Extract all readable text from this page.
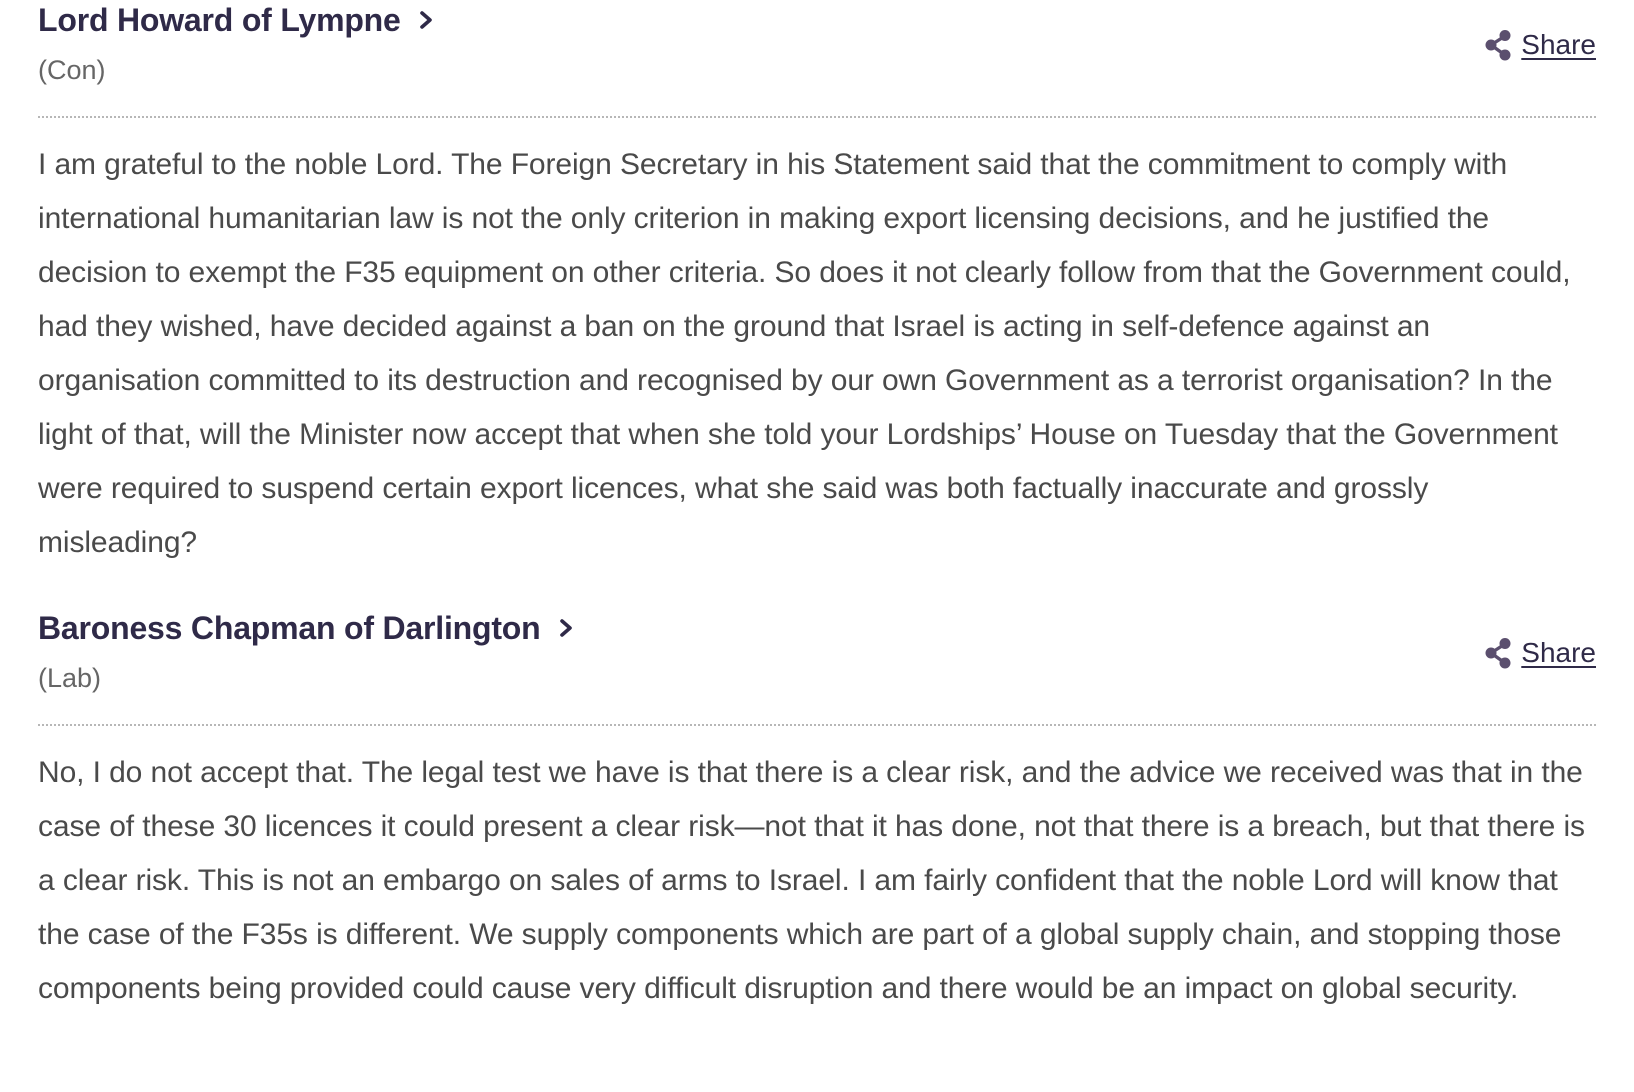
Lord Howard of Lympne
(Con)
Share

I am grateful to the noble Lord. The Foreign Secretary in his Statement said that the commitment to comply with international humanitarian law is not the only criterion in making export licensing decisions, and he justified the decision to exempt the F35 equipment on other criteria. So does it not clearly follow from that the Government could, had they wished, have decided against a ban on the ground that Israel is acting in self-defence against an organisation committed to its destruction and recognised by our own Government as a terrorist organisation? In the light of that, will the Minister now accept that when she told your Lordships’ House on Tuesday that the Government were required to suspend certain export licences, what she said was both factually inaccurate and grossly misleading?

Baroness Chapman of Darlington
(Lab)
Share

No, I do not accept that. The legal test we have is that there is a clear risk, and the advice we received was that in the case of these 30 licences it could present a clear risk—not that it has done, not that there is a breach, but that there is a clear risk. This is not an embargo on sales of arms to Israel. I am fairly confident that the noble Lord will know that the case of the F35s is different. We supply components which are part of a global supply chain, and stopping those components being provided could cause very difficult disruption and there would be an impact on global security.
